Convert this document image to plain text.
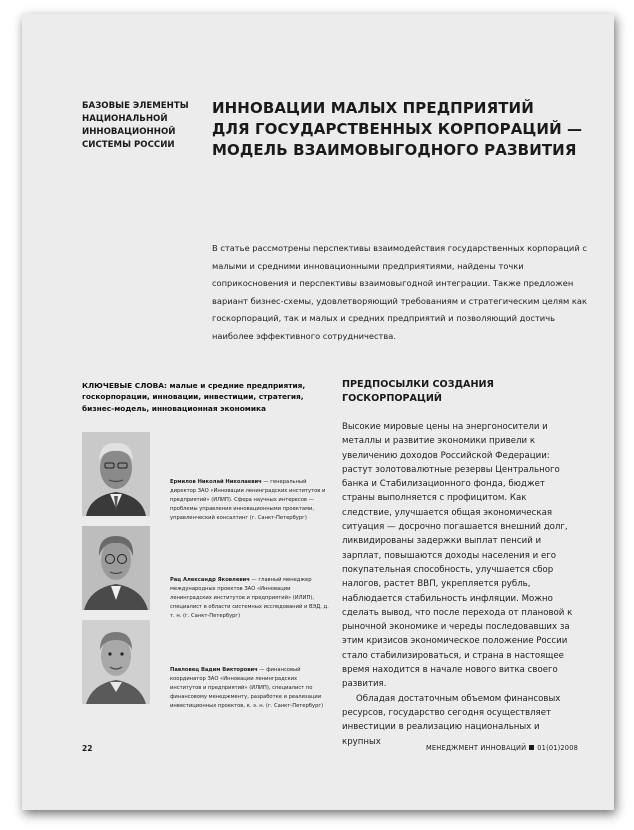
БАЗОВЫЕ ЭЛЕМЕНТЫ
НАЦИОНАЛЬНОЙ
ИННОВАЦИОННОЙ
СИСТЕМЫ РОССИИ
ИННОВАЦИИ МАЛЫХ ПРЕДПРИЯТИЙ
ДЛЯ ГОСУДАРСТВЕННЫХ КОРПОРАЦИЙ —
МОДЕЛЬ ВЗАИМОВЫГОДНОГО РАЗВИТИЯ

В статье рассмотрены перспективы взаимодействия государственных корпораций с малыми и средними инновационными предприятиями, найдены точки соприкосновения и перспективы взаимовыгодной интеграции. Также предложен вариант бизнес-схемы, удовлетворяющий требованиям и стратегическим целям как госкорпораций, так и малых и средних предприятий и позволяющий достичь наиболее эффективного сотрудничества.

КЛЮЧЕВЫЕ СЛОВА: малые и средние предприятия, госкорпорации, инновации, инвестиции, стратегия, бизнес-модель, инновационная экономика
Ермилов Николай Николаевич — генеральный директор ЗАО «Инновации ленинградских институтов и предприятий» (ИЛИП). Сфера научных интересов — проблемы управления инновационными проектами, управленческий консалтинг (г. Санкт-Петербург)
Рац Александр Яковлевич — главный менеджер международных проектов ЗАО «Инновации ленинградских институтов и предприятий» (ИЛИП), специалист в области системных исследований и ВЭД, д. т. н. (г. Санкт-Петербург)
Павловец Вадим Викторович — финансовый координатор ЗАО «Инновации ленинградских институтов и предприятий» (ИЛИП), специалист по финансовому менеджменту, разработке и реализации инвестиционных проектов, к. э. н. (г. Санкт-Петербург)
ПРЕДПОСЫЛКИ СОЗДАНИЯ
ГОСКОРПОРАЦИЙ

Высокие мировые цены на энергоносители и металлы и развитие экономики привели к увеличению доходов Российской Федерации: растут золотовалютные резервы Центрального банка и Стабилизационного фонда, бюджет страны выполняется с профицитом. Как следствие, улучшается общая экономическая ситуация — досрочно погашается внешний долг, ликвидированы задержки выплат пенсий и зарплат, повышаются доходы населения и его покупательная способность, улучшается сбор налогов, растет ВВП, укрепляется рубль, наблюдается стабильность инфляции. Можно сделать вывод, что после перехода от плановой к рыночной экономике и череды последовавших за этим кризисов экономическое положение России стало стабилизироваться, и страна в настоящее время находится в начале нового витка своего развития.

Обладая достаточным объемом финансовых ресурсов, государство сегодня осуществляет инвестиции в реализацию национальных и крупных

22	МЕНЕДЖМЕНТ ИННОВАЦИЙ 01(01)2008
